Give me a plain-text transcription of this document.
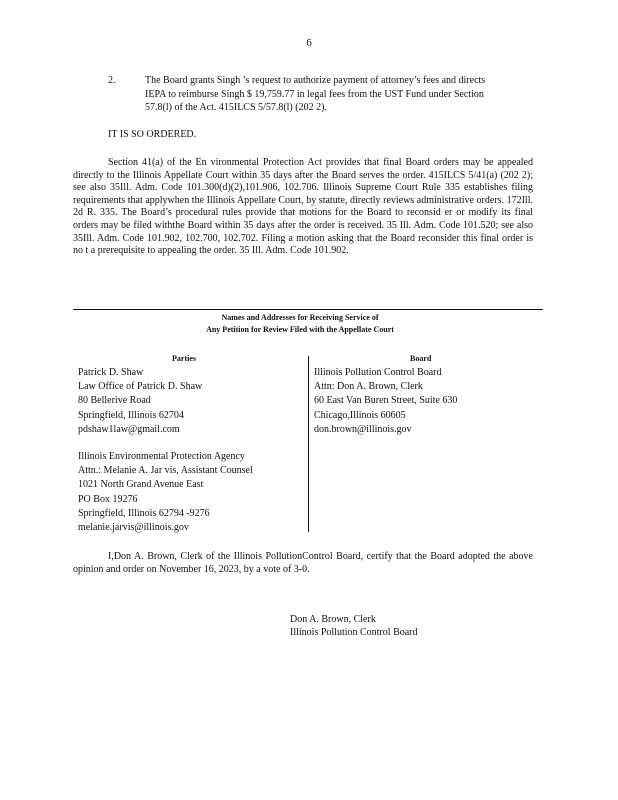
6
2.	The Board grants Singh ’s request to authorize payment of attorney’s fees and directs IEPA to reimburse Singh $ 19,759.77 in legal fees from the UST Fund under Section 57.8(l) of the Act. 415ILCS 5/57.8(l) (202 2).
IT IS SO ORDERED.
Section 41(a) of the En vironmental Protection Act provides that final Board orders may be appealed directly to the Illinois Appellate Court within 35 days after the Board serves the order. 415ILCS 5/41(a) (202 2); see also 35Ill. Adm. Code 101.300(d)(2),101.906, 102.706. Illinois Supreme Court Rule 335 establishes filing requirements that applywhen the Illinois Appellate Court, by statute, directly reviews administrative orders. 172Ill. 2d R. 335. The Board’s procedural rules provide that motions for the Board to reconsid er or modify its final orders may be filed withthe Board within 35 days after the order is received. 35 Ill. Adm. Code 101.520; see also 35Ill. Adm. Code 101.902, 102.700, 102.702. Filing a motion asking that the Board reconsider this final order is no t a prerequisite to appealing the order. 35 Ill. Adm. Code 101.902.
Names and Addresses for Receiving Service of
Any Petition for Review Filed with the Appellate Court
Parties	Board
Patrick D. Shaw
Law Office of Patrick D. Shaw
80 Bellerive Road
Springfield, Illinois 62704
pdshaw1law@gmail.com
Illinois Environmental Protection Agency
Attn.: Melanie A. Jar vis, Assistant Counsel
1021 North Grand Avenue East
PO Box 19276
Springfield, Illinois 62794 -9276
melanie.jarvis@illinois.gov
Illinois Pollution Control Board
Attn: Don A. Brown, Clerk
60 East Van Buren Street, Suite 630
Chicago,Illinois 60605
don.brown@illinois.gov
I,Don A. Brown, Clerk of the Illinois PollutionControl Board, certify that the Board adopted the above opinion and order on November 16, 2023, by a vote of 3-0.
Don A. Brown, Clerk
Illinois Pollution Control Board
